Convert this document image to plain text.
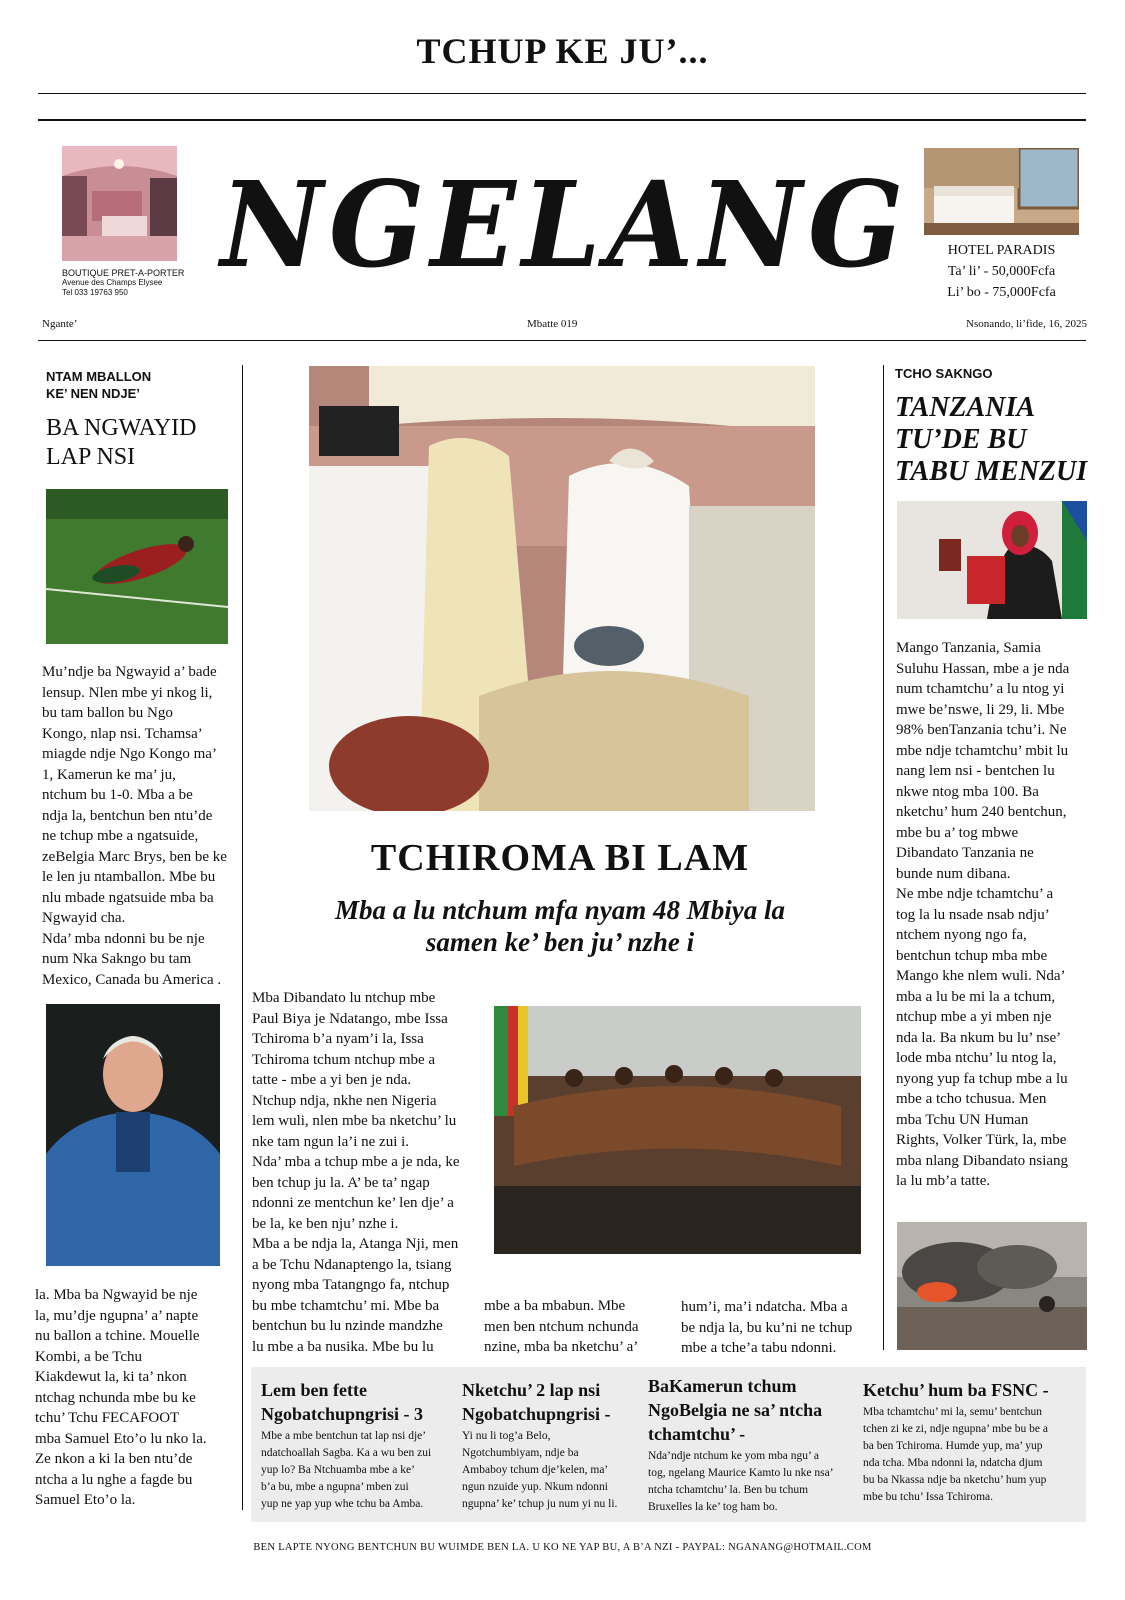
TCHUP KE JU’...
BOUTIQUE PRET-A-PORTER
Avenue des Champs Elysee
Tel 033 19763 950 NGELANG	HOTEL PARADIS
Ta’ li’ - 50,000Fcfa
Li’ bo - 75,000Fcfa
Ngante’	Mbatte 019	Nsonando, li’fide, 16, 2025
NTAM MBALLON
KE’ NEN NDJE’
BA NGWAYID
LAP NSI
Mu’ndje ba Ngwayid a’ bade
lensup. Nlen mbe yi nkog li,
bu tam ballon bu Ngo
Kongo, nlap nsi. Tchamsa’
miagde ndje Ngo Kongo ma’
1, Kamerun ke ma’ ju,
ntchum bu 1-0. Mba a be
ndja la, bentchun ben ntu’de
ne tchup mbe a ngatsuide,
zeBelgia Marc Brys, ben be ke
le len ju ntamballon. Mbe bu
nlu mbade ngatsuide mba ba
Ngwayid cha.
Nda’ mba ndonni bu be nje
num Nka Sakngo bu tam
Mexico, Canada bu America .
la. Mba ba Ngwayid be nje
la, mu’dje ngupna’ a’ napte
nu ballon a tchine. Mouelle
Kombi, a be Tchu
Kiakdewut la, ki ta’ nkon
ntchag nchunda mbe bu ke
tchu’ Tchu FECAFOOT
mba Samuel Eto’o lu nko la.
Ze nkon a ki la ben ntu’de
ntcha a lu nghe a fagde bu
Samuel Eto’o la.
TCHIROMA BI LAM
Mba a lu ntchum mfa nyam 48 Mbiya la
samen ke’ ben ju’ nzhe i
Mba Dibandato lu ntchup mbe
Paul Biya je Ndatango, mbe Issa
Tchiroma b’a nyam’i la, Issa
Tchiroma tchum ntchup mbe a
tatte - mbe a yi ben je nda.
Ntchup ndja, nkhe nen Nigeria
lem wuli, nlen mbe ba nketchu’ lu
nke tam ngun la’i ne zui i.
Nda’ mba a tchup mbe a je nda, ke
ben tchup ju la. A’ be ta’ ngap
ndonni ze mentchun ke’ len dje’ a
be la, ke ben nju’ nzhe i.
Mba a be ndja la, Atanga Nji, men
a be Tchu Ndanaptengo la, tsiang
nyong mba Tatangngo fa, ntchup
bu mbe tchamtchu’ mi. Mbe ba
bentchun bu lu nzinde mandzhe
lu mbe a ba nusika. Mbe bu lu
mbe a ba mbabun. Mbe
men ben ntchum nchunda
nzine, mba ba nketchu’ a’
hum’i, ma’i ndatcha. Mba a
be ndja la, bu ku’ni ne tchup
mbe a tche’a tabu ndonni.
TCHO SAKNGO
TANZANIA
TU’DE BU
TABU MENZUI
Mango Tanzania, Samia
Suluhu Hassan, mbe a je nda
num tchamtchu’ a lu ntog yi
mwe be’nswe, li 29, li. Mbe
98% benTanzania tchu’i. Ne
mbe ndje tchamtchu’ mbit lu
nang lem nsi - bentchen lu
nkwe ntog mba 100. Ba
nketchu’ hum 240 bentchun,
mbe bu a’ tog mbwe
Dibandato Tanzania ne
bunde num dibana.
Ne mbe ndje tchamtchu’ a
tog la lu nsade nsab ndju’
ntchem nyong ngo fa,
bentchun tchup mba mbe
Mango khe nlem wuli. Nda’
mba a lu be mi la a tchum,
ntchup mbe a yi mben nje
nda la. Ba nkum bu lu’ nse’
lode mba ntchu’ lu ntog la,
nyong yup fa tchup mbe a lu
mbe a tcho tchusua. Men
mba Tchu UN Human
Rights, Volker Türk, la, mbe
mba nlang Dibandato nsiang
la lu mb’a tatte.
Lem ben fette
Ngobatchupngrisi - 3
Mbe a mbe bentchun tat lap nsi dje’
ndatchoallah Sagba. Ka a wu ben zui
yup lo? Ba Ntchuamba mbe a ke’
b’a bu, mbe a ngupna’ mben zui
yup ne yap yup whe tchu ba Amba.
Nketchu’ 2 lap nsi
Ngobatchupngrisi -
Yi nu li tog’a Belo,
Ngotchumbiyam, ndje ba
Ambaboy tchum dje’kelen, ma’
ngun nzuide yup. Nkum ndonni
ngupna’ ke’ tchup ju num yi nu li.
BaKamerun tchum
NgoBelgia ne sa’ ntcha
tchamtchu’ -
Nda’ndje ntchum ke yom mba ngu’ a
tog, ngelang Maurice Kamto lu nke nsa’
ntcha tchamtchu’ la. Ben bu tchum
Bruxelles la ke’ tog ham bo.
Ketchu’ hum ba FSNC -
Mba tchamtchu’ mi la, semu’ bentchun
tchen zi ke zi, ndje ngupna’ mbe bu be a
ba ben Tchiroma. Humde yup, ma’ yup
nda tcha. Mba ndonni la, ndatcha djum
bu ba Nkassa ndje ba nketchu’ hum yup
mbe bu tchu’ Issa Tchiroma.
BEN LAPTE NYONG BENTCHUN BU WUIMDE BEN LA. U KO NE YAP BU, A B’A NZI - PAYPAL: NGANANG@HOTMAIL.COM
